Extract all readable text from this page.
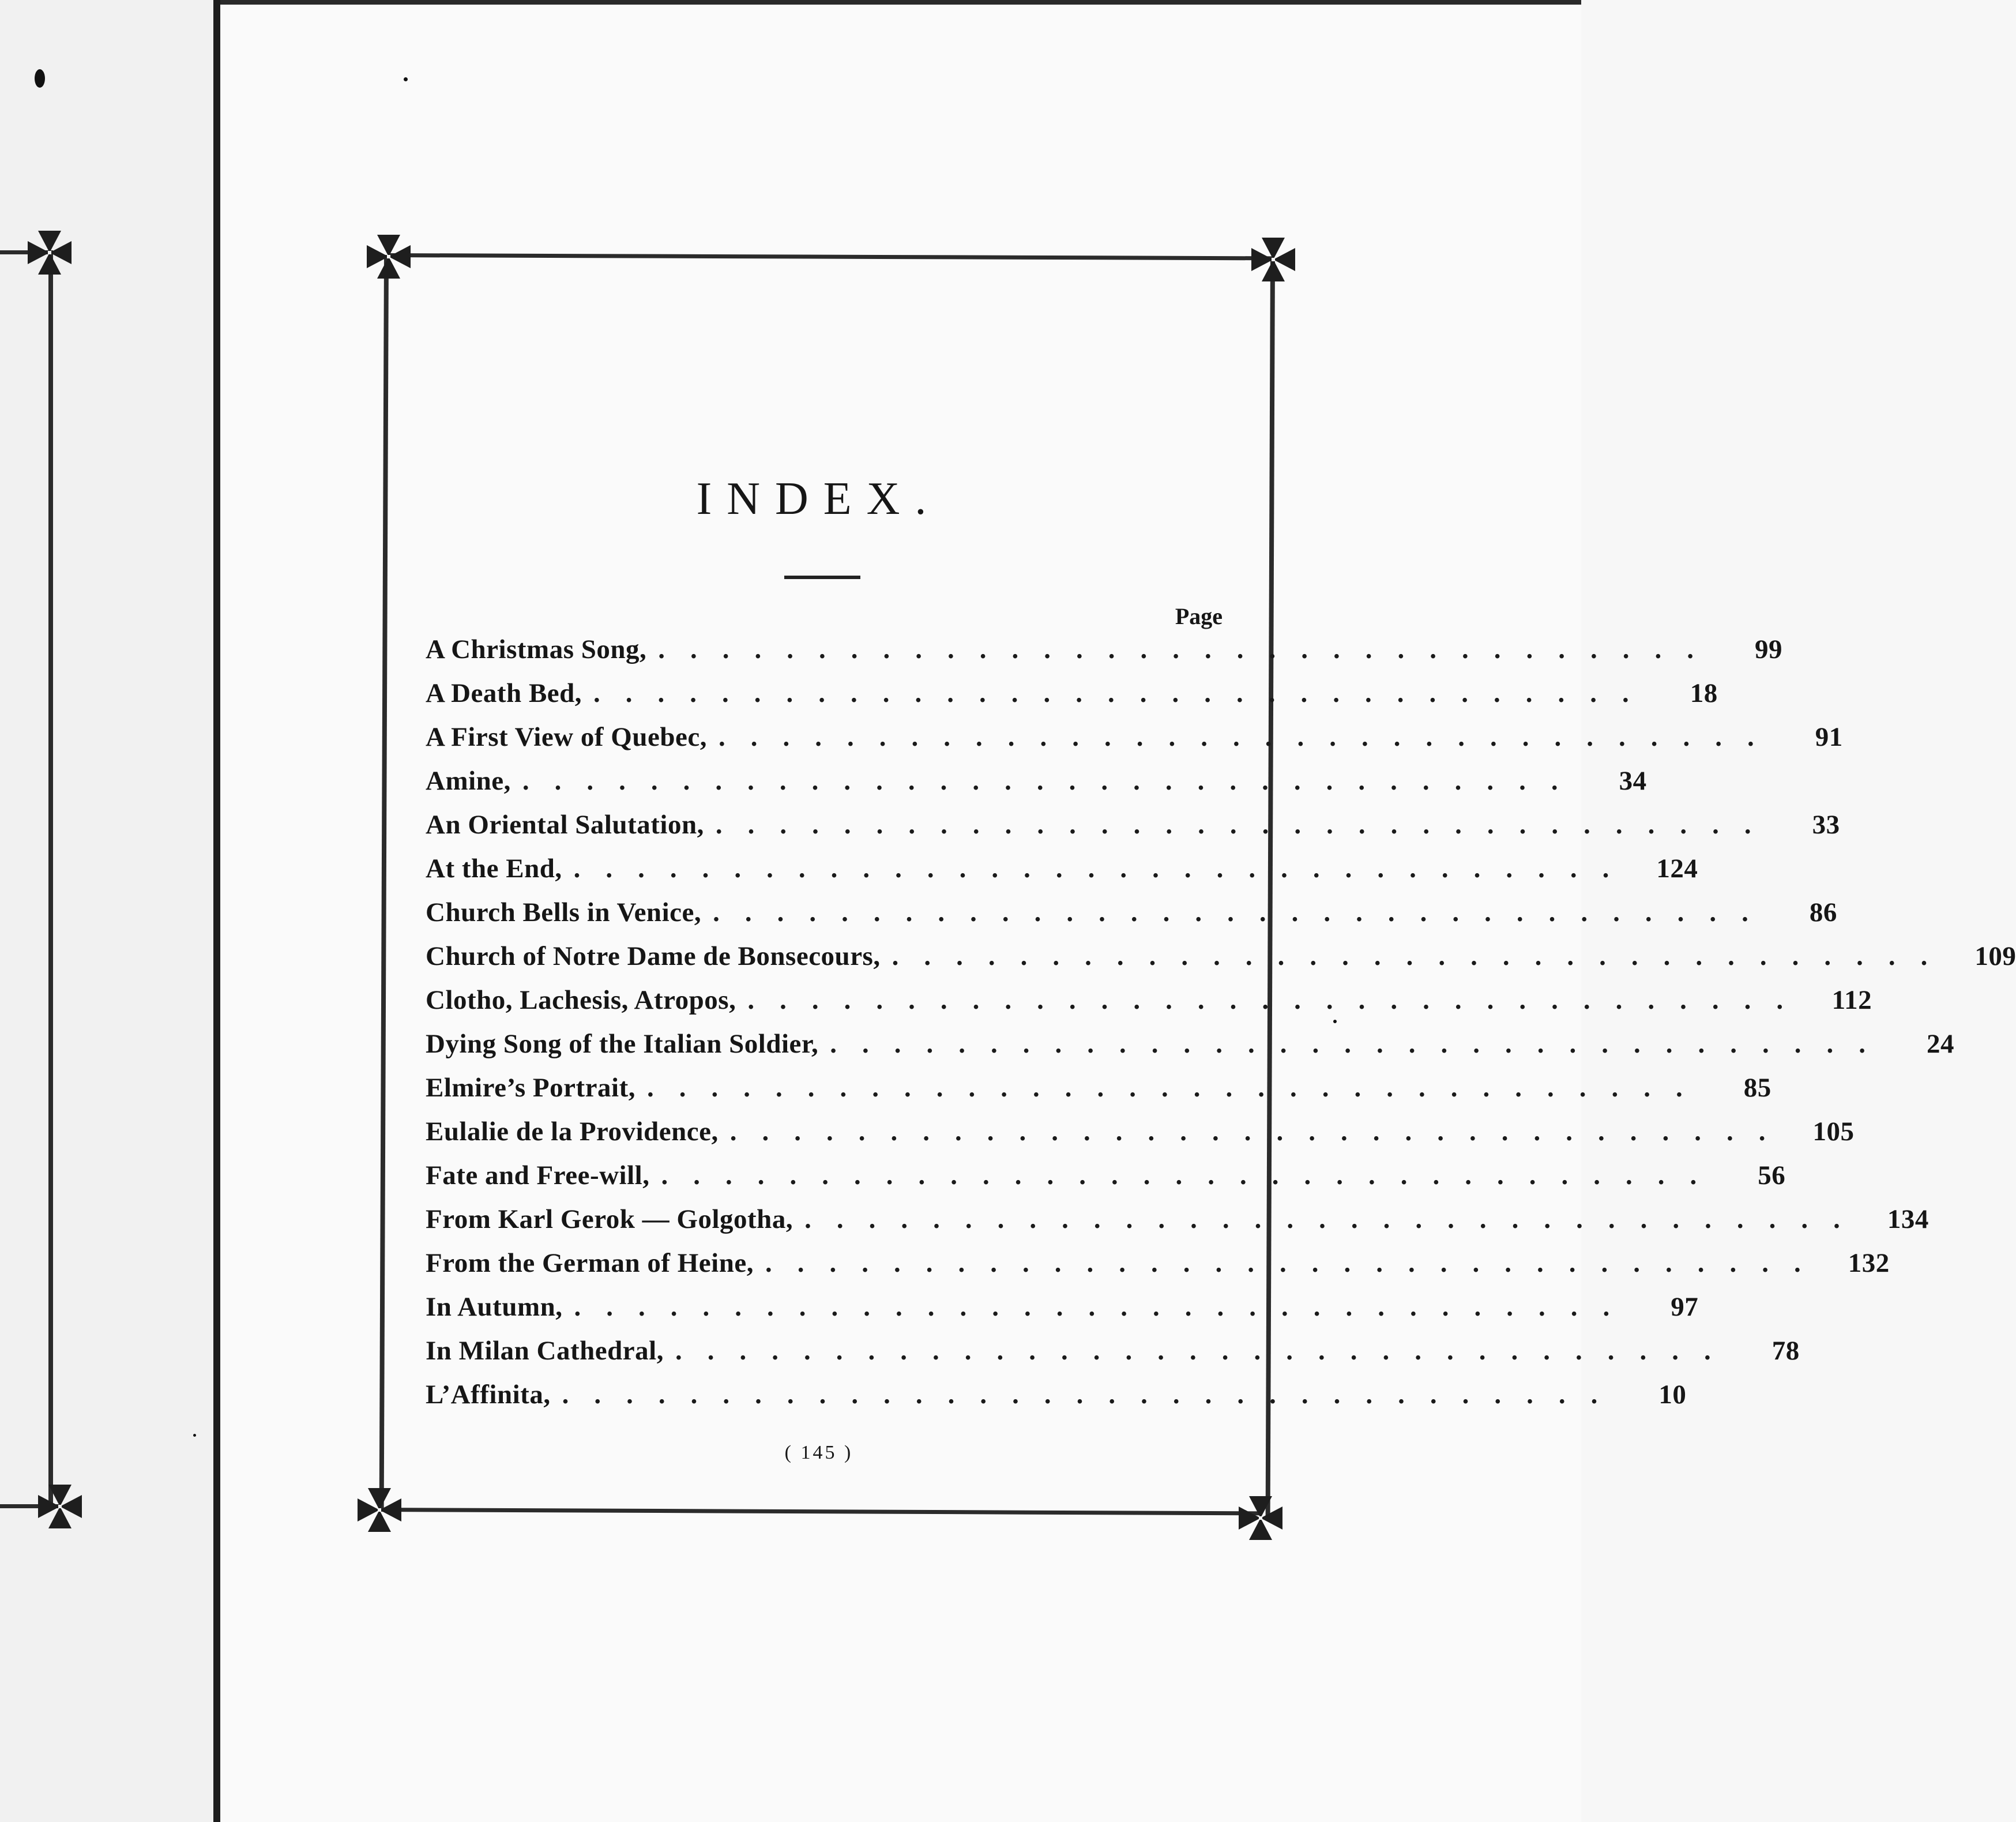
INDEX.
Page
A Christmas Song, .................................	99
A Death Bed, .................................	18
A First View of Quebec, .................................	91
Amine, .................................	34
An Oriental Salutation, .................................	33
At the End, ................................. 124
Church Bells in Venice, .................................	86
Church of Notre Dame de Bonsecours, ................................. 109
Clotho, Lachesis, Atropos, ................................. 112
Dying Song of the Italian Soldier, .................................	24
Elmire’s Portrait, .................................	85
Eulalie de la Providence, ................................. 105
Fate and Free-will, .................................	56
From Karl Gerok — Golgotha, ................................. 134
From the German of Heine, ................................. 132
In Autumn, .................................	97
In Milan Cathedral, .................................	78
L’Affinita, .................................	10
( 145 )
